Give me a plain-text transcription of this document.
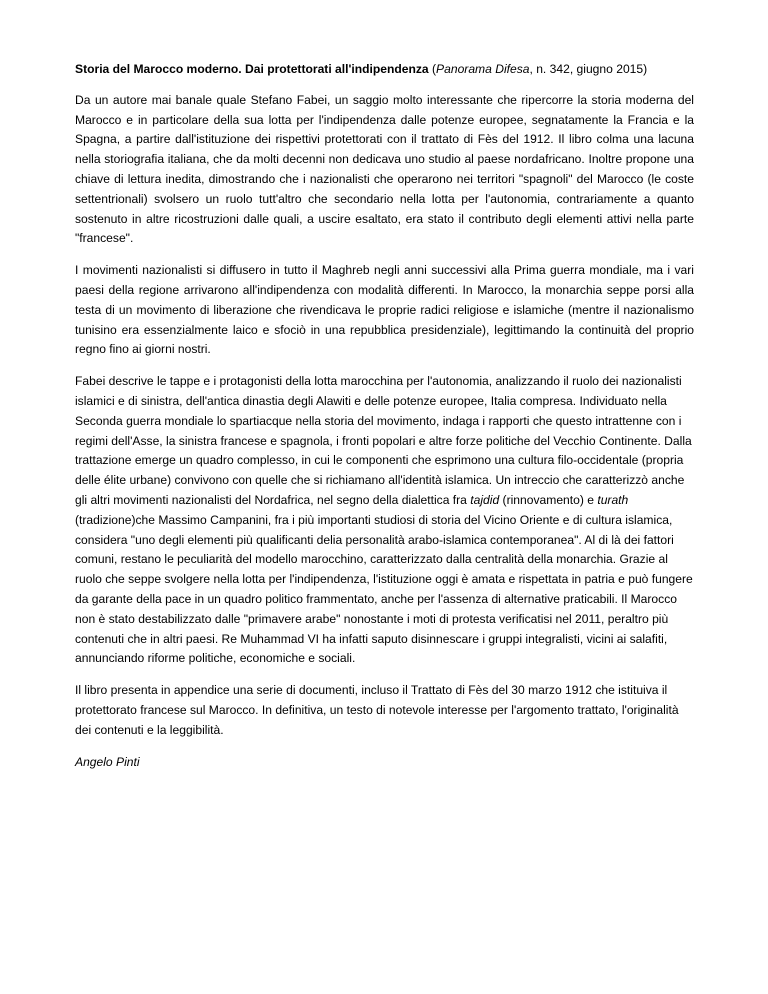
Storia del Marocco moderno. Dai protettorati all'indipendenza (Panorama Difesa, n. 342, giugno 2015)

Da un autore mai banale quale Stefano Fabei, un saggio molto interessante che ripercorre la storia moderna del Marocco e in particolare della sua lotta per l'indipendenza dalle potenze europee, segnatamente la Francia e la Spagna, a partire dall'istituzione dei rispettivi protettorati con il trattato di Fès del 1912. Il libro colma una lacuna nella storiografia italiana, che da molti decenni non dedicava uno studio al paese nordafricano. Inoltre propone una chiave di lettura inedita, dimostrando che i nazionalisti che operarono nei territori "spagnoli" del Marocco (le coste settentrionali) svolsero un ruolo tutt'altro che secondario nella lotta per l'autonomia, contrariamente a quanto sostenuto in altre ricostruzioni dalle quali, a uscire esaltato, era stato il contributo degli elementi attivi nella parte "francese".

I movimenti nazionalisti si diffusero in tutto il Maghreb negli anni successivi alla Prima guerra mondiale, ma i vari paesi della regione arrivarono all'indipendenza con modalità differenti. In Marocco, la monarchia seppe porsi alla testa di un movimento di liberazione che rivendicava le proprie radici religiose e islamiche (mentre il nazionalismo tunisino era essenzialmente laico e sfociò in una repubblica presidenziale), legittimando la continuità del proprio regno fino ai giorni nostri.

Fabei descrive le tappe e i protagonisti della lotta marocchina per l'autonomia, analizzando il ruolo dei nazionalisti islamici e di sinistra, dell'antica dinastia degli Alawiti e delle potenze europee, Italia compresa. Individuato nella Seconda guerra mondiale lo spartiacque nella storia del movimento, indaga i rapporti che questo intrattenne con i regimi dell'Asse, la sinistra francese e spagnola, i fronti popolari e altre forze politiche del Vecchio Continente. Dalla trattazione emerge un quadro complesso, in cui le componenti che esprimono una cultura filo-occidentale (propria delle élite urbane) convivono con quelle che si richiamano all'identità islamica. Un intreccio che caratterizzò anche gli altri movimenti nazionalisti del Nordafrica, nel segno della dialettica fra tajdid (rinnovamento) e turath (tradizione)che Massimo Campanini, fra i più importanti studiosi di storia del Vicino Oriente e di cultura islamica, considera "uno degli elementi più qualificanti delia personalità arabo-islamica contemporanea". Al di là dei fattori comuni, restano le peculiarità del modello marocchino, caratterizzato dalla centralità della monarchia. Grazie al ruolo che seppe svolgere nella lotta per l'indipendenza, l'istituzione oggi è amata e rispettata in patria e può fungere da garante della pace in un quadro politico frammentato, anche per l'assenza di alternative praticabili. Il Marocco non è stato destabilizzato dalle "primavere arabe" nonostante i moti di protesta verificatisi nel 2011, peraltro più contenuti che in altri paesi. Re Muhammad VI ha infatti saputo disinnescare i gruppi integralisti, vicini ai salafiti, annunciando riforme politiche, economiche e sociali.

Il libro presenta in appendice una serie di documenti, incluso il Trattato di Fès del 30 marzo 1912 che istituiva il protettorato francese sul Marocco. In definitiva, un testo di notevole interesse per l'argomento trattato, l'originalità dei contenuti e la leggibilità.

Angelo Pinti
